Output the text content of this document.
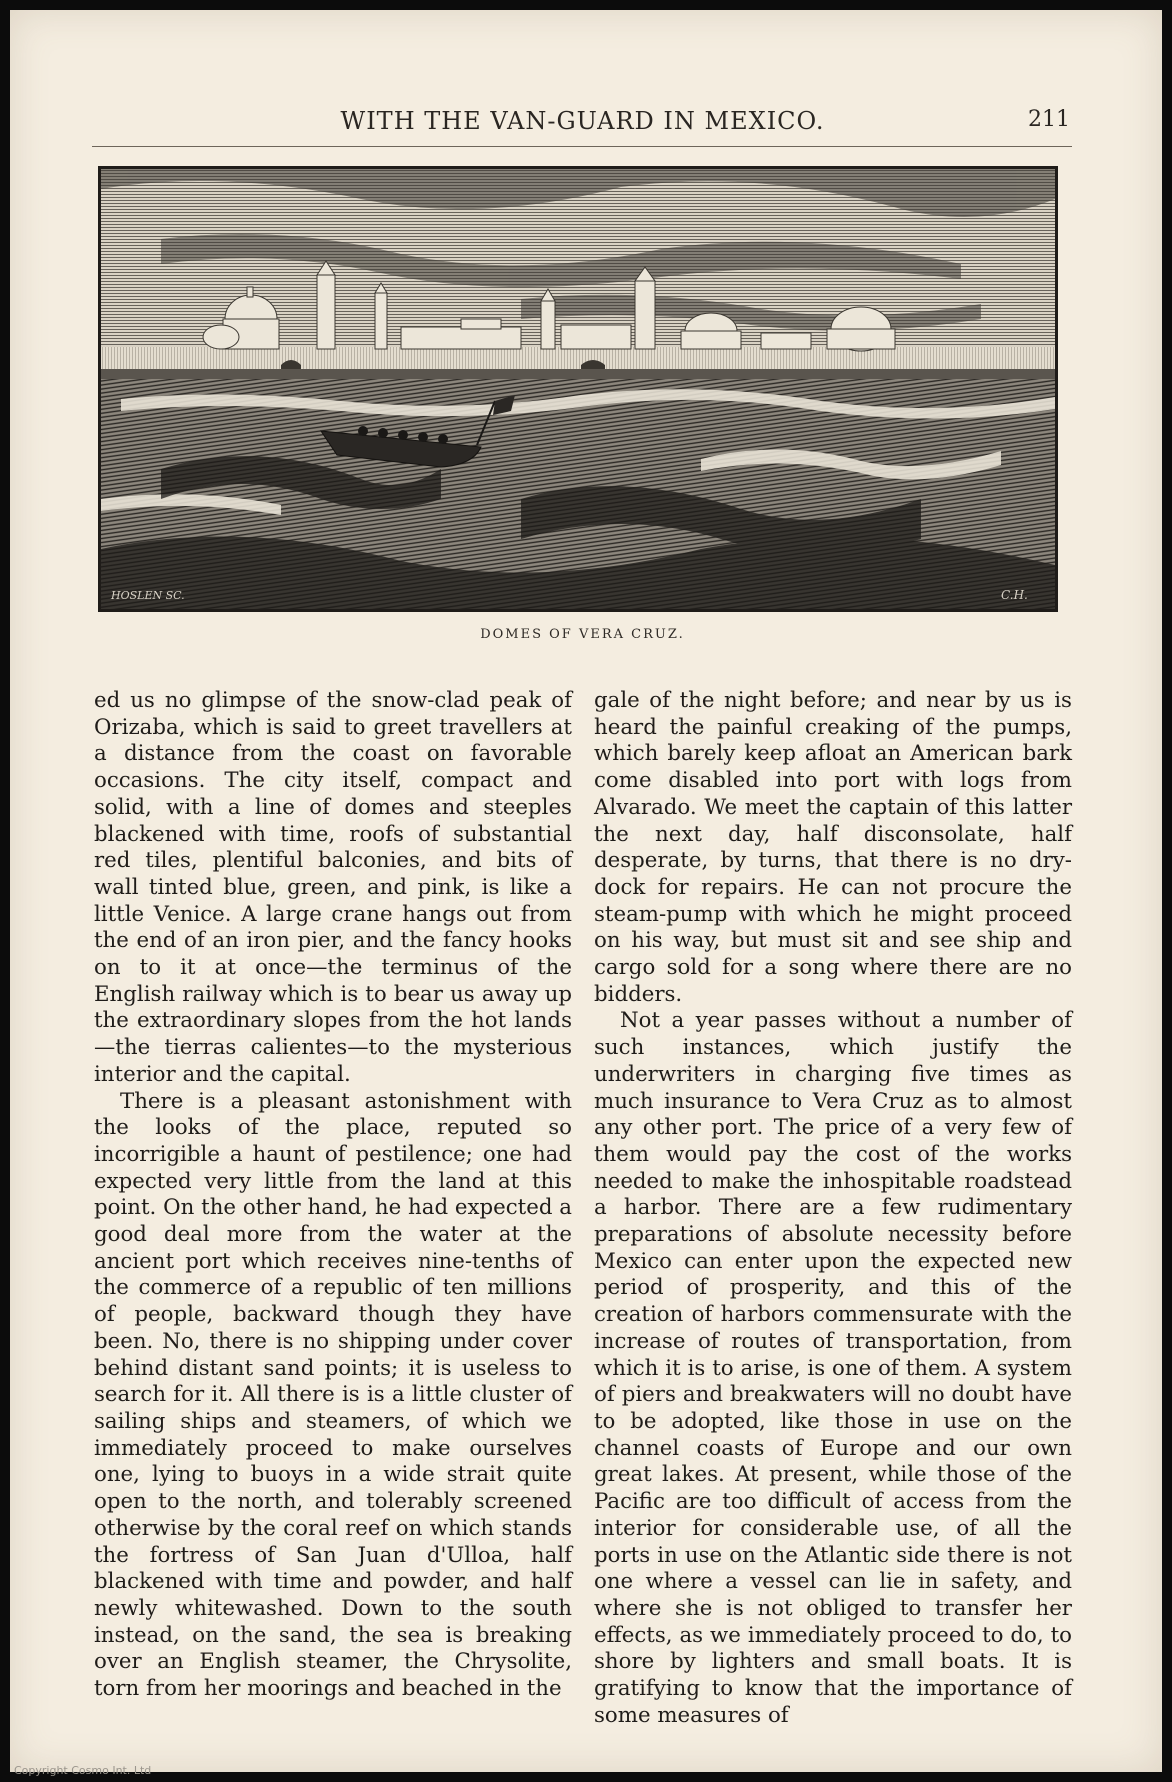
WITH THE VAN-GUARD IN MEXICO.	211
HOSLEN SC.	C.H.
DOMES OF VERA CRUZ.

ed us no glimpse of the snow-clad peak of Orizaba, which is said to greet travellers at a distance from the coast on favorable occasions. The city itself, compact and solid, with a line of domes and steeples blackened with time, roofs of substantial red tiles, plentiful balconies, and bits of wall tinted blue, green, and pink, is like a little Venice. A large crane hangs out from the end of an iron pier, and the fancy hooks on to it at once—the terminus of the English railway which is to bear us away up the extraordinary slopes from the hot lands—the tierras calientes—to the mysterious interior and the capital.

There is a pleasant astonishment with the looks of the place, reputed so incorrigible a haunt of pestilence; one had expected very little from the land at this point. On the other hand, he had expected a good deal more from the water at the ancient port which receives nine-tenths of the commerce of a republic of ten millions of people, backward though they have been. No, there is no shipping under cover behind distant sand points; it is useless to search for it. All there is is a little cluster of sailing ships and steamers, of which we immediately proceed to make ourselves one, lying to buoys in a wide strait quite open to the north, and tolerably screened otherwise by the coral reef on which stands the fortress of San Juan d'Ulloa, half blackened with time and powder, and half newly whitewashed. Down to the south instead, on the sand, the sea is breaking over an English steamer, the Chrysolite, torn from her moorings and beached in the

gale of the night before; and near by us is heard the painful creaking of the pumps, which barely keep afloat an American bark come disabled into port with logs from Alvarado. We meet the captain of this latter the next day, half disconsolate, half desperate, by turns, that there is no dry-dock for repairs. He can not procure the steam-pump with which he might proceed on his way, but must sit and see ship and cargo sold for a song where there are no bidders.

Not a year passes without a number of such instances, which justify the underwriters in charging five times as much insurance to Vera Cruz as to almost any other port. The price of a very few of them would pay the cost of the works needed to make the inhospitable roadstead a harbor. There are a few rudimentary preparations of absolute necessity before Mexico can enter upon the expected new period of prosperity, and this of the creation of harbors commensurate with the increase of routes of transportation, from which it is to arise, is one of them. A system of piers and breakwaters will no doubt have to be adopted, like those in use on the channel coasts of Europe and our own great lakes. At present, while those of the Pacific are too difficult of access from the interior for considerable use, of all the ports in use on the Atlantic side there is not one where a vessel can lie in safety, and where she is not obliged to transfer her effects, as we immediately proceed to do, to shore by lighters and small boats. It is gratifying to know that the importance of some measures of

Copyright Cosmo Int. Ltd
